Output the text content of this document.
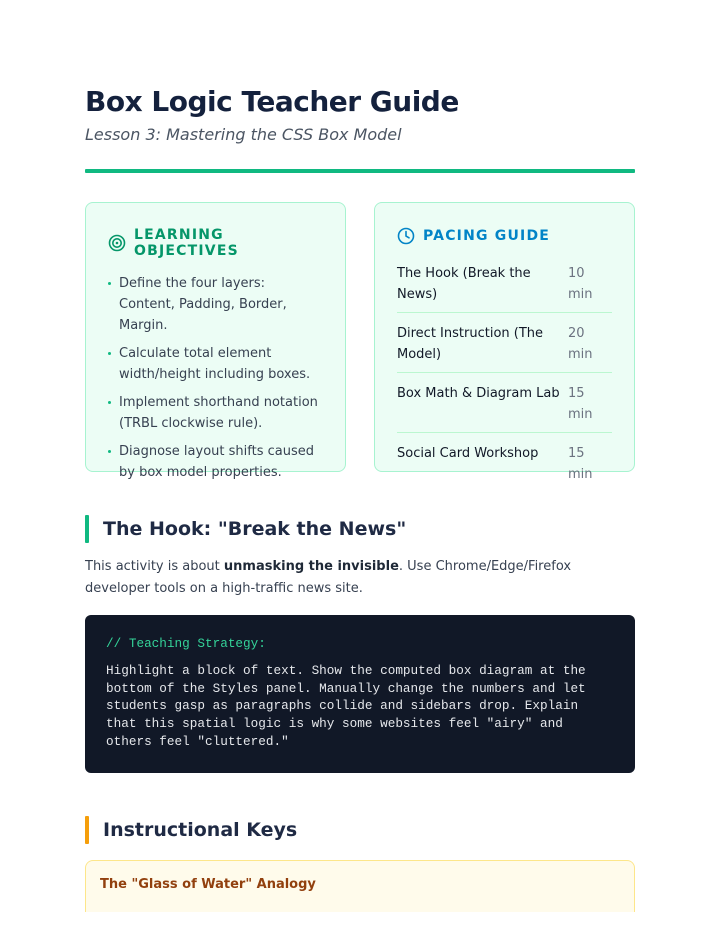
Box Logic Teacher Guide
Lesson 3: Mastering the CSS Box Model
LEARNING OBJECTIVES
Define the four layers: Content, Padding, Border, Margin.
Calculate total element width/height including boxes.
Implement shorthand notation (TRBL clockwise rule).
Diagnose layout shifts caused by box model properties.
PACING GUIDE
The Hook (Break the News)
10 min
Direct Instruction (The Model)
20 min
Box Math & Diagram Lab 15 min
Social Card Workshop	15 min
The Hook: "Break the News"

This activity is about unmasking the invisible. Use Chrome/Edge/Firefox developer tools on a high-traffic news site.

// Teaching Strategy:
Highlight a block of text. Show the computed box diagram at the bottom of the Styles panel. Manually change the numbers and let students gasp as paragraphs collide and sidebars drop. Explain that this spatial logic is why some websites feel "airy" and others feel "cluttered."
Instructional Keys
The "Glass of Water" Analogy
